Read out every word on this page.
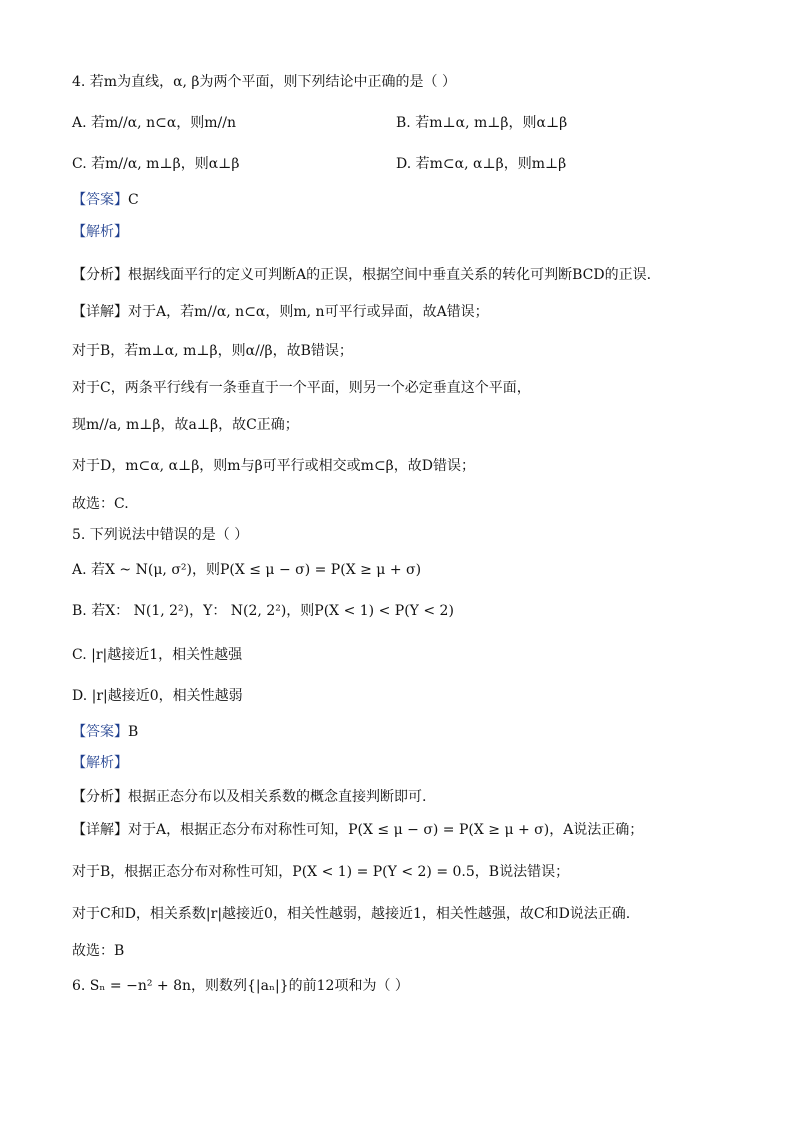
4. 若m为直线，α, β为两个平面，则下列结论中正确的是（ ）
A. 若m//α, n⊂α，则m//n	B. 若m⊥α, m⊥β，则α⊥β
C. 若m//α, m⊥β，则α⊥β	D. 若m⊂α, α⊥β，则m⊥β
【答案】C
【解析】
【分析】根据线面平行的定义可判断A的正误，根据空间中垂直关系的转化可判断BCD的正误.
【详解】对于A，若m//α, n⊂α，则m, n可平行或异面，故A错误；
对于B，若m⊥α, m⊥β，则α//β，故B错误；
对于C，两条平行线有一条垂直于一个平面，则另一个必定垂直这个平面，
现m//a, m⊥β，故a⊥β，故C正确；
对于D，m⊂α, α⊥β，则m与β可平行或相交或m⊂β，故D错误；
故选：C.
5. 下列说法中错误的是（ ）
A. 若X ~ N(μ, σ²)，则P(X ≤ μ − σ) = P(X ≥ μ + σ)
B. 若X： N(1, 2²)，Y： N(2, 2²)，则P(X < 1) < P(Y < 2)
C. |r|越接近1，相关性越强
D. |r|越接近0，相关性越弱
【答案】B
【解析】
【分析】根据正态分布以及相关系数的概念直接判断即可.
【详解】对于A，根据正态分布对称性可知，P(X ≤ μ − σ) = P(X ≥ μ + σ)，A说法正确；
对于B，根据正态分布对称性可知，P(X < 1) = P(Y < 2) = 0.5，B说法错误；
对于C和D，相关系数|r|越接近0，相关性越弱，越接近1，相关性越强，故C和D说法正确.
故选：B
6. Sₙ = −n² + 8n，则数列{|aₙ|}的前12项和为（ ）
